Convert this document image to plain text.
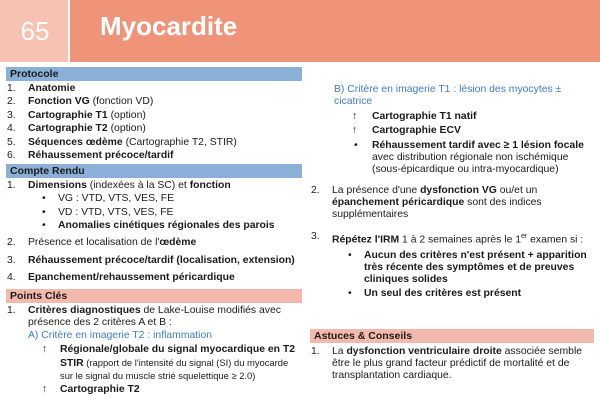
65	Myocardite
Protocole
1. Anatomie
2. Fonction VG (fonction VD)
3. Cartographie T1 (option)
4. Cartographie T2 (option)
5. Séquences œdème (Cartographie T2, STIR)
6. Réhaussement précoce/tardif
Compte Rendu
1. Dimensions (indexées à la SC) et fonction
• VG : VTD, VTS, VES, FE
• VD : VTD, VTS, VES, FE
• Anomalies cinétiques régionales des parois
2. Présence et localisation de l'œdème
3. Réhaussement précoce/tardif (localisation, extension)
4. Epanchement/rehaussement péricardique
Points Clés
1. Critères diagnostiques de Lake-Louise modifiés avec présence des 2 critères A et B :
A) Critère en imagerie T2 : inflammation
↑ Régionale/globale du signal myocardique en T2 STIR (rapport de l'intensité du signal (SI) du myocarde sur le signal du muscle strié squelettique ≥ 2.0)
↑ Cartographie T2
B) Critère en imagerie T1 : lésion des myocytes ± cicatrice
↑ Cartographie T1 natif
↑ Cartographie ECV
• Réhaussement tardif avec ≥ 1 lésion focale avec distribution régionale non ischémique (sous-épicardique ou intra-myocardique)
2. La présence d'une dysfonction VG ou/et un épanchement péricardique sont des indices supplémentaires
3. Répétez l'IRM 1 à 2 semaines après le 1er examen si :
• Aucun des critères n'est présent + apparition très récente des symptômes et de preuves cliniques solides
• Un seul des critères est présent
Astuces & Conseils
1. La dysfonction ventriculaire droite associée semble être le plus grand facteur prédictif de mortalité et de transplantation cardiaque.
